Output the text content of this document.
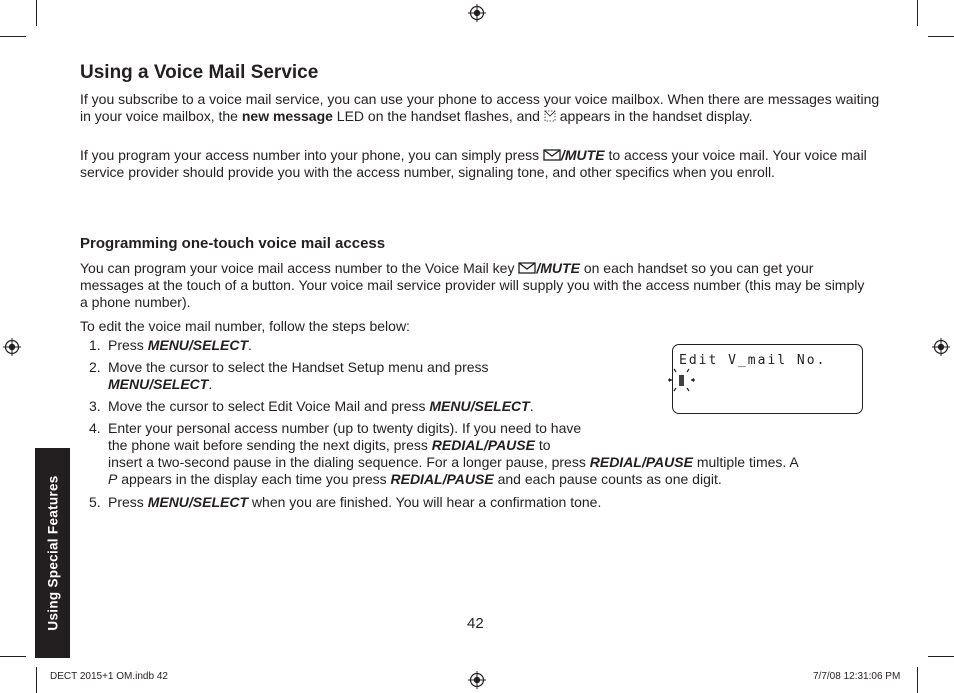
Using a Voice Mail Service

If you subscribe to a voice mail service, you can use your phone to access your voice mailbox. When there are messages waiting in your voice mailbox, the new message LED on the handset flashes, and  appears in the handset display.

If you program your access number into your phone, you can simply press /MUTE to access your voice mail. Your voice mail service provider should provide you with the access number, signaling tone, and other specifics when you enroll.

Programming one-touch voice mail access

You can program your voice mail access number to the Voice Mail key /MUTE on each handset so you can get your messages at the touch of a button. Your voice mail service provider will supply you with the access number (this may be simply a phone number).

To edit the voice mail number, follow the steps below:

1. Press MENU/SELECT.
2. Move the cursor to select the Handset Setup menu and press
MENU/SELECT.
3. Move the cursor to select Edit Voice Mail and press MENU/SELECT.
4. Enter your personal access number (up to twenty digits). If you need to have
the phone wait before sending the next digits, press REDIAL/PAUSE to
insert a two-second pause in the dialing sequence. For a longer pause, press REDIAL/PAUSE multiple times. A
P appears in the display each time you press REDIAL/PAUSE and each pause counts as one digit.
5. Press MENU/SELECT when you are finished. You will hear a confirmation tone.
Edit V_mail No.
Using Special Features	42
DECT 2015+1 OM.indb 42	7/7/08 12:31:06 PM
